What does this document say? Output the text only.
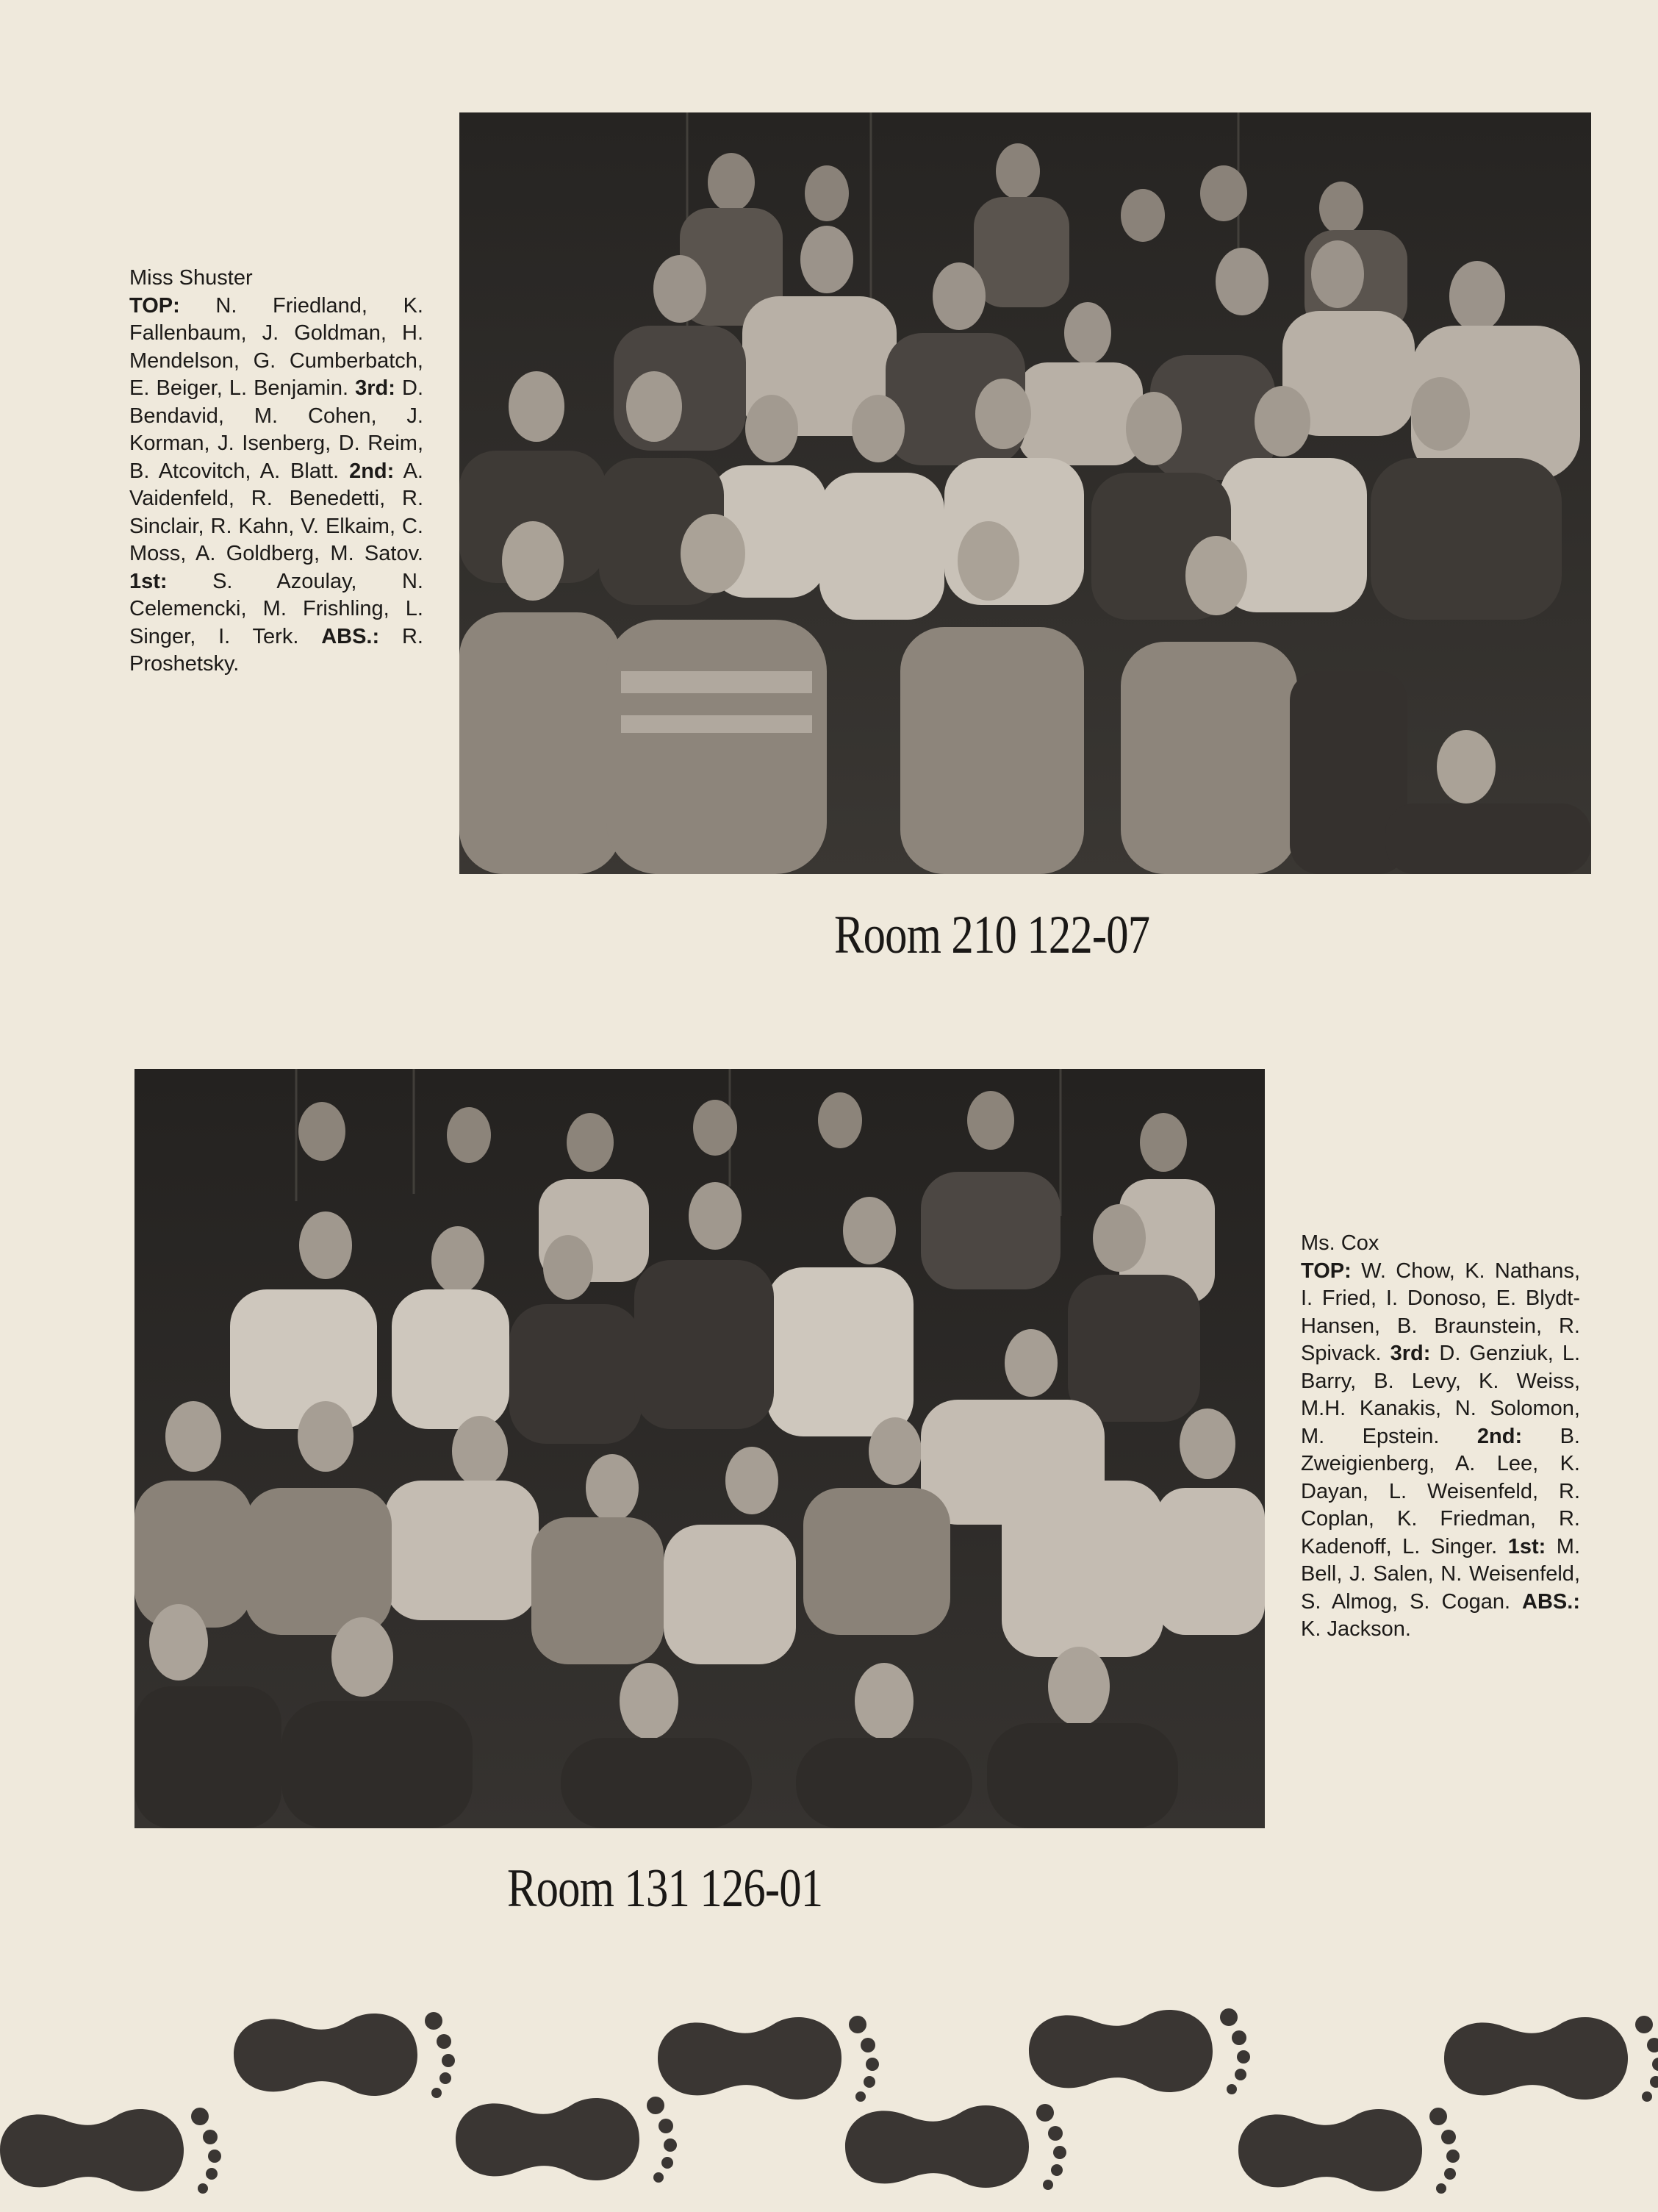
Miss Shuster
TOP: N. Friedland, K. Fallenbaum, J. Goldman, H. Mendelson, G. Cumberbatch, E. Beiger, L. Benjamin. 3rd: D. Bendavid, M. Cohen, J. Korman, J. Isenberg, D. Reim, B. Atcovitch, A. Blatt. 2nd: A. Vaidenfeld, R. Benedetti, R. Sinclair, R. Kahn, V. Elkaim, C. Moss, A. Goldberg, M. Satov. 1st: S. Azoulay, N. Celemencki, M. Frishling, L. Singer, I. Terk. ABS.: R. Proshetsky.
Room 210 122-07
Ms. Cox
TOP: W. Chow, K. Nathans, I. Fried, I. Donoso, E. Blydt-Hansen, B. Braunstein, R. Spivack. 3rd: D. Genziuk, L. Barry, B. Levy, K. Weiss, M.H. Kanakis, N. Solomon, M. Epstein. 2nd: B. Zweigienberg, A. Lee, K. Dayan, L. Weisenfeld, R. Coplan, K. Friedman, R. Kadenoff, L. Singer. 1st: M. Bell, J. Salen, N. Weisenfeld, S. Almog, S. Cogan. ABS.: K. Jackson.
Room 131 126-01
